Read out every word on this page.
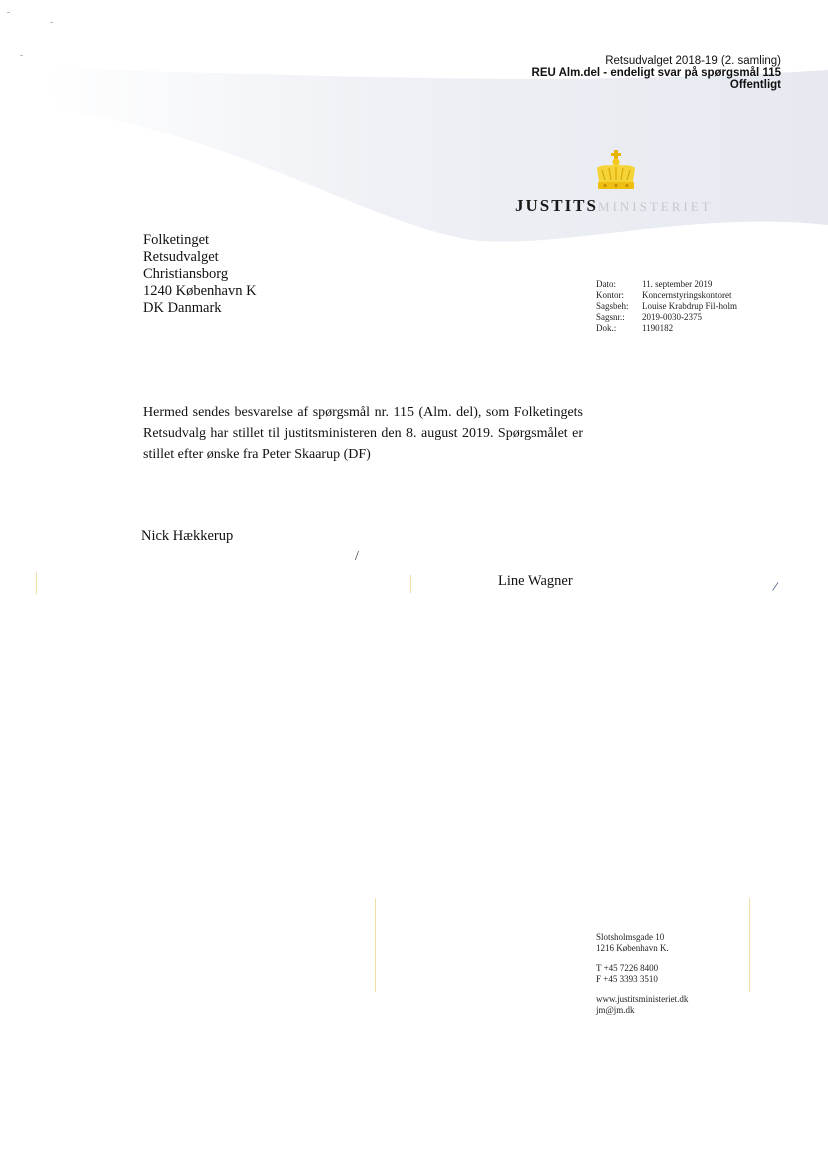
Retsudvalget 2018-19 (2. samling)
REU Alm.del - endeligt svar på spørgsmål 115
Offentligt
JUSTITSMINISTERIET
Folketinget
Retsudvalget
Christiansborg
1240 København K
DK Danmark
Dato:	11. september 2019
Kontor:	Koncernstyringskontoret
Sagsbeh:	Louise Krabdrup Fil-holm
Sagsnr.:	2019-0030-2375
Dok.:	1190182
Hermed sendes besvarelse af spørgsmål nr. 115 (Alm. del), som Folketingets Retsudvalg har stillet til justitsministeren den 8. august 2019. Spørgsmålet er stillet efter ønske fra Peter Skaarup (DF)
Nick Hækkerup
/
Line Wagner	/
Slotsholmsgade 10
1216 København K.
T +45 7226 8400
F +45 3393 3510
www.justitsministeriet.dk
jm@jm.dk
